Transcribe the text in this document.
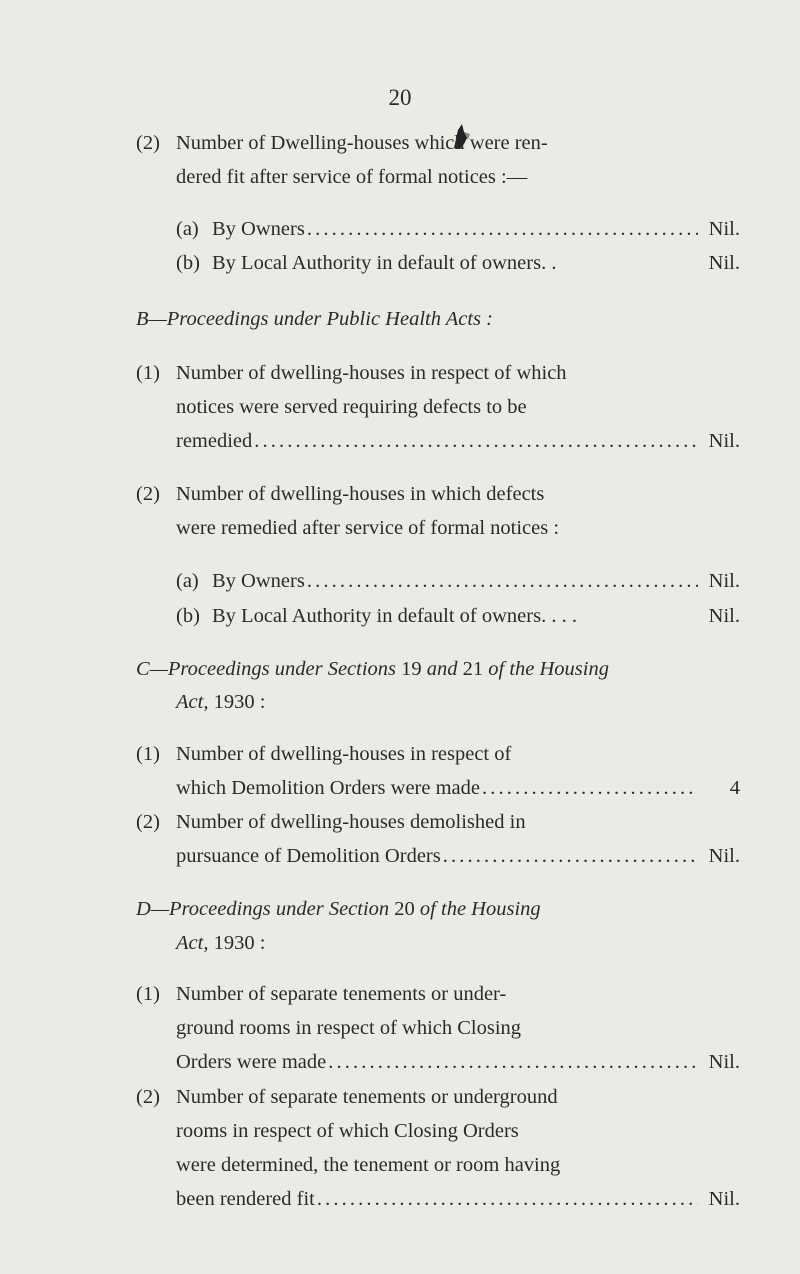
20
(2) Number of Dwelling-houses which were ren-
dered fit after service of formal notices :—
(a) By Owners . . .	Nil.
(b) By Local Authority in default of owners. .	Nil.
B—Proceedings under Public Health Acts :
(1) Number of dwelling-houses in respect of which
notices were served requiring defects to be
remedied . . .	Nil.
(2) Number of dwelling-houses in which defects
were remedied after service of formal notices :
(a) By Owners . . .	Nil.
(b) By Local Authority in default of owners. . . .	Nil.
C—Proceedings under Sections 19 and 21 of the Housing
Act, 1930 :
(1) Number of dwelling-houses in respect of
which Demolition Orders were made . . .	4
(2) Number of dwelling-houses demolished in
pursuance of Demolition Orders . . .	Nil.
D—Proceedings under Section 20 of the Housing
Act, 1930 :
(1) Number of separate tenements or under-
ground rooms in respect of which Closing
Orders were made . . .	Nil.
(2) Number of separate tenements or underground
rooms in respect of which Closing Orders
were determined, the tenement or room having
been rendered fit . . .	Nil.
